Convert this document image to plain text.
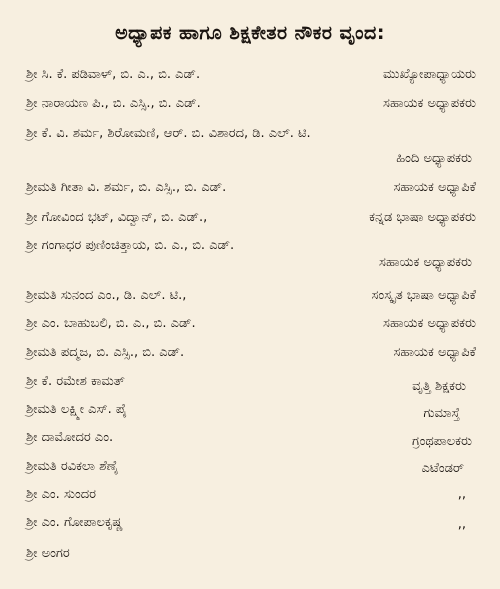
ಅಧ್ಯಾಪಕ ಹಾಗೂ ಶಿಕ್ಷಕೇತರ ನೌಕರ ವೃಂದ:
ಶ್ರೀ ಸಿ. ಕೆ. ಪಡಿವಾಳ್, ಬಿ. ಎ., ಬಿ. ಎಡ್.	ಮುಖ್ಯೋಪಾಧ್ಯಾಯರು
ಶ್ರೀ ನಾರಾಯಣ ಪಿ., ಬಿ. ಎಸ್ಸಿ., ಬಿ. ಎಡ್.	ಸಹಾಯಕ ಅಧ್ಯಾಪಕರು
ಶ್ರೀ ಕೆ. ವಿ. ಶರ್ಮ, ಶಿರೋಮಣಿ, ಆರ್. ಬಿ. ವಿಶಾರದ, ಡಿ. ಎಲ್. ಟಿ.
ಹಿಂದಿ ಅಧ್ಯಾಪಕರು
ಶ್ರೀಮತಿ ಗೀತಾ ವಿ. ಶರ್ಮ, ಬಿ. ಎಸ್ಸಿ., ಬಿ. ಎಡ್.	ಸಹಾಯಕ ಅಧ್ಯಾಪಿಕೆ
ಶ್ರೀ ಗೋವಿಂದ ಭಟ್, ವಿದ್ವಾನ್, ಬಿ. ಎಡ್.,	ಕನ್ನಡ ಭಾಷಾ ಅಧ್ಯಾಪಕರು
ಶ್ರೀ ಗಂಗಾಧರ ಪುಣಿಂಚಿತ್ತಾಯ, ಬಿ. ಎ., ಬಿ. ಎಡ್.
ಸಹಾಯಕ ಅಧ್ಯಾಪಕರು
ಶ್ರೀಮತಿ ಸುನಂದ ಎಂ., ಡಿ. ಎಲ್. ಟಿ.,	ಸಂಸ್ಕೃತ ಭಾಷಾ ಅಧ್ಯಾಪಿಕೆ
ಶ್ರೀ ಎಂ. ಬಾಹುಬಲಿ, ಬಿ. ಎ., ಬಿ. ಎಡ್.	ಸಹಾಯಕ ಅಧ್ಯಾಪಕರು
ಶ್ರೀಮತಿ ಪದ್ಮಜ, ಬಿ. ಎಸ್ಸಿ., ಬಿ. ಎಡ್.	ಸಹಾಯಕ ಅಧ್ಯಾಪಿಕೆ
ಶ್ರೀ ಕೆ. ರಮೇಶ ಕಾಮತ್	ವೃತ್ತಿ ಶಿಕ್ಷಕರು
ಶ್ರೀಮತಿ ಲಕ್ಷ್ಮೀ ಎಸ್. ಪೈ	ಗುಮಾಸ್ತೆ
ಶ್ರೀ ದಾಮೋದರ ಎಂ.	ಗ್ರಂಥಪಾಲಕರು
ಶ್ರೀಮತಿ ರವಿಕಲಾ ಶೆಣೈ	ಎಟೆಂಡರ್
ಶ್ರೀ ಎಂ. ಸುಂದರ	,,
ಶ್ರೀ ಎಂ. ಗೋಪಾಲಕೃಷ್ಣ	,,
ಶ್ರೀ ಅಂಗರ
